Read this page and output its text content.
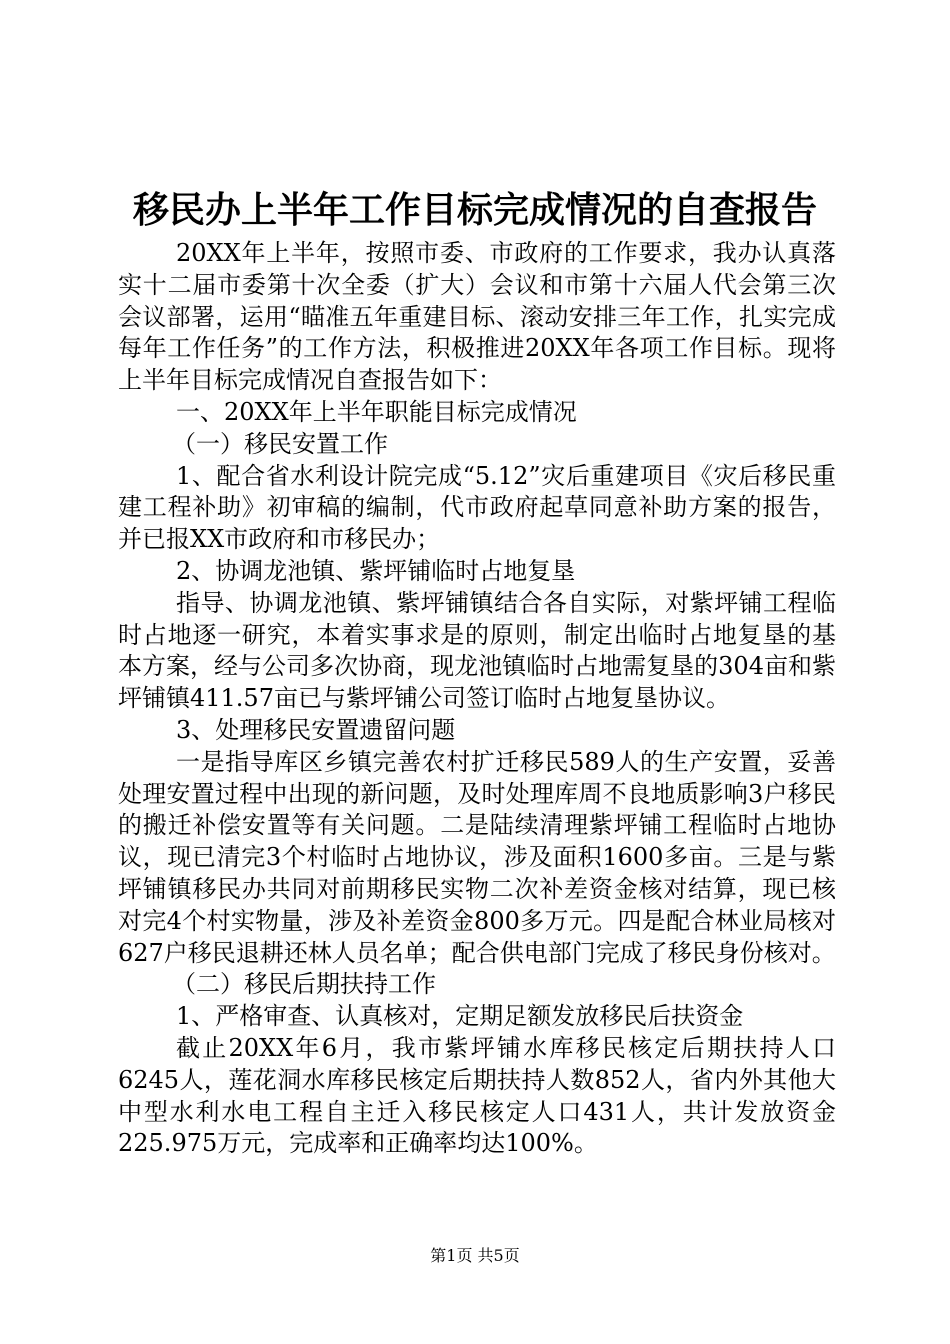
移民办上半年工作目标完成情况的自查报告

20XX年上半年，按照市委、市政府的工作要求，我办认真落实十二届市委第十次全委（扩大）会议和市第十六届人代会第三次会议部署，运用“瞄准五年重建目标、滚动安排三年工作，扎实完成每年工作任务”的工作方法，积极推进20XX年各项工作目标。现将上半年目标完成情况自查报告如下：

一、20XX年上半年职能目标完成情况

（一）移民安置工作

1、配合省水利设计院完成“5.12”灾后重建项目《灾后移民重建工程补助》初审稿的编制，代市政府起草同意补助方案的报告，并已报XX市政府和市移民办；

2、协调龙池镇、紫坪铺临时占地复垦

指导、协调龙池镇、紫坪铺镇结合各自实际，对紫坪铺工程临时占地逐一研究，本着实事求是的原则，制定出临时占地复垦的基本方案，经与公司多次协商，现龙池镇临时占地需复垦的304亩和紫坪铺镇411.57亩已与紫坪铺公司签订临时占地复垦协议。

3、处理移民安置遗留问题

一是指导库区乡镇完善农村扩迁移民589人的生产安置，妥善处理安置过程中出现的新问题，及时处理库周不良地质影响3户移民的搬迁补偿安置等有关问题。二是陆续清理紫坪铺工程临时占地协议，现已清完3个村临时占地协议，涉及面积1600多亩。三是与紫坪铺镇移民办共同对前期移民实物二次补差资金核对结算，现已核对完4个村实物量，涉及补差资金800多万元。四是配合林业局核对627户移民退耕还林人员名单；配合供电部门完成了移民身份核对。

（二）移民后期扶持工作

1、严格审查、认真核对，定期足额发放移民后扶资金

截止20XX年6月，我市紫坪铺水库移民核定后期扶持人口6245人，莲花洞水库移民核定后期扶持人数852人，省内外其他大中型水利水电工程自主迁入移民核定人口431人，共计发放资金225.975万元，完成率和正确率均达100%。

第1页 共5页
